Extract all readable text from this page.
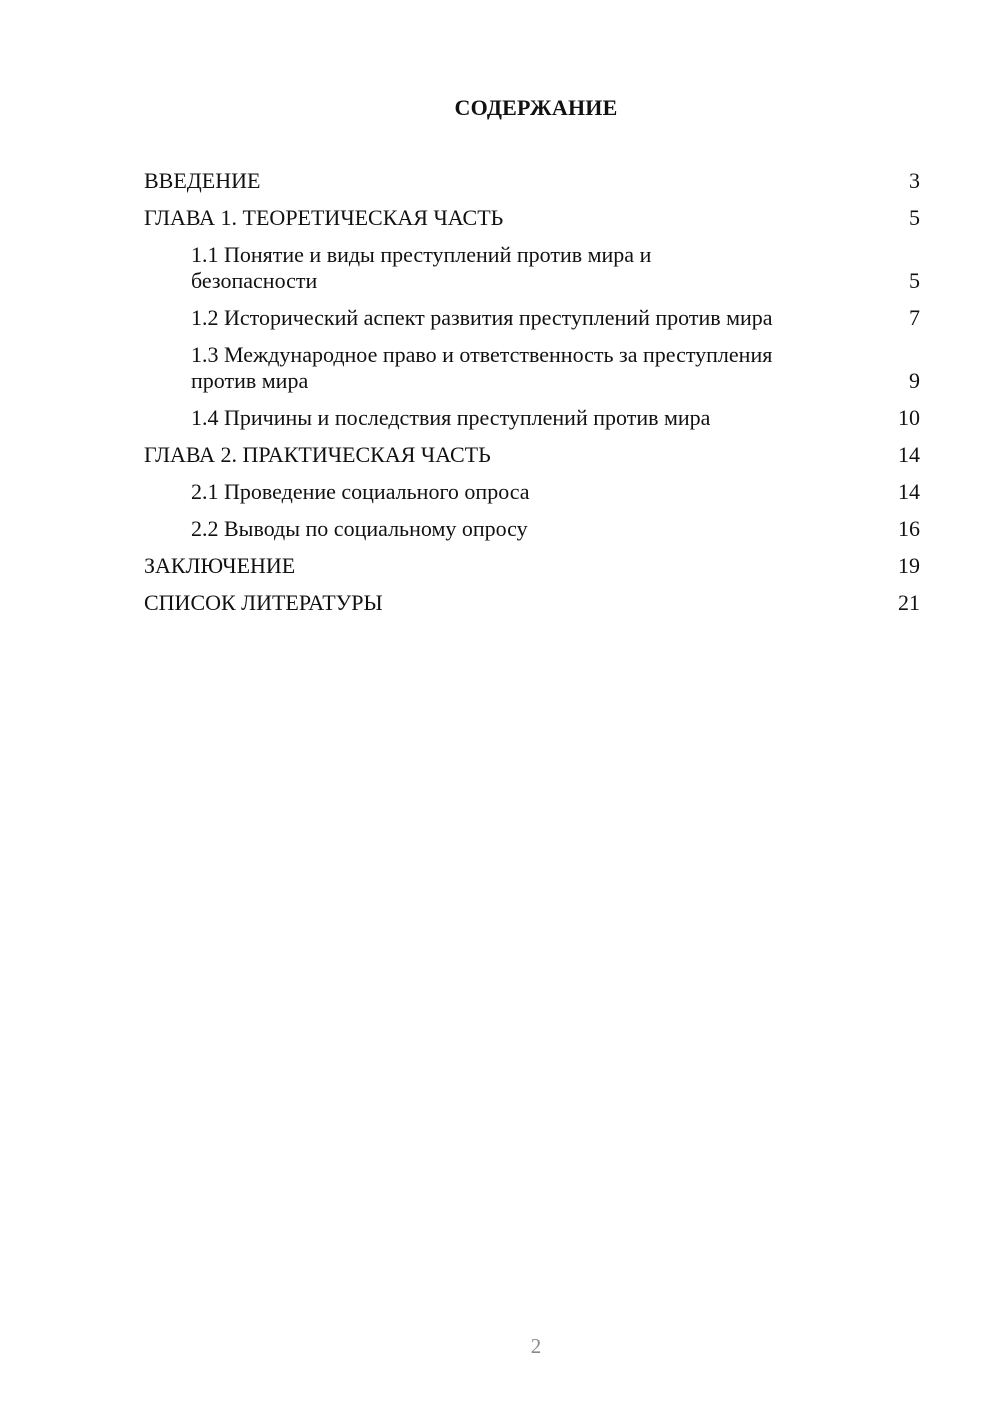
СОДЕРЖАНИЕ
ВВЕДЕНИЕ	3
ГЛАВА 1. ТЕОРЕТИЧЕСКАЯ ЧАСТЬ	5
1.1 Понятие и виды преступлений против мира и безопасности	5
1.2 Исторический аспект развития преступлений против мира	7
1.3 Международное право и ответственность за преступления против мира	9
1.4 Причины и последствия преступлений против мира	10
ГЛАВА 2. ПРАКТИЧЕСКАЯ ЧАСТЬ	14
2.1 Проведение социального опроса	14
2.2 Выводы по социальному опросу	16
ЗАКЛЮЧЕНИЕ	19
СПИСОК ЛИТЕРАТУРЫ	21
2
